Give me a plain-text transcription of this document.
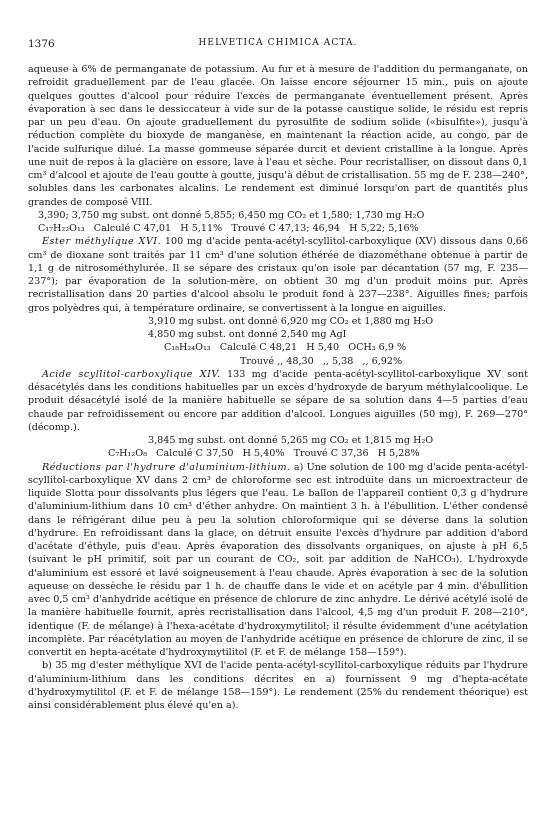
1376	HELVETICA CHIMICA ACTA.

aqueuse à 6% de permanganate de potassium. Au fur et à mesure de l'addition du permanganate, on refroidit graduellement par de l'eau glacée. On laisse encore séjourner 15 min., puis on ajoute quelques gouttes d'alcool pour réduire l'excès de permanganate éventuellement présent. Après évaporation à sec dans le dessiccateur à vide sur de la potasse caustique solide, le résidu est repris par un peu d'eau. On ajoute graduellement du pyrosulfite de sodium solide («bisulfite»), jusqu'à réduction complète du bioxyde de manganèse, en maintenant la réaction acide, au congo, par de l'acide sulfurique dilué. La masse gommeuse séparée durcit et devient cristalline à la longue. Après une nuit de repos à la glacière on essore, lave à l'eau et sèche. Pour recristalliser, on dissout dans 0,1 cm³ d'alcool et ajoute de l'eau goutte à goutte, jusqu'à début de cristallisation. 55 mg de F. 238—240°, solubles dans les carbonates alcalins. Le rendement est diminué lorsqu'on part de quantités plus grandes de composé VIII.

3,390; 3,750 mg subst. ont donné 5,855; 6,450 mg CO₂ et 1,580; 1,730 mg H₂O

C₁₇H₂₂O₁₃   Calculé C 47,01   H 5,11%   Trouvé C 47,13; 46,94   H 5,22; 5,16%

Ester méthylique XVI. 100 mg d'acide penta-acétyl-scyllitol-carboxylique (XV) dissous dans 0,66 cm³ de dioxane sont traités par 11 cm³ d'une solution éthérée de diazométhane obtenue à partir de 1,1 g de nitrosométhylurée. Il se sépare des cristaux qu'on isole par décantation (57 mg, F. 235—237°); par évaporation de la solution-mère, on obtient 30 mg d'un produit moins pur. Après recristallisation dans 20 parties d'alcool absolu le produit fond à 237—238°. Aiguilles fines; parfois gros polyèdres qui, à température ordinaire, se convertissent à la longue en aiguilles.

3,910 mg subst. ont donné 6,920 mg CO₂ et 1,880 mg H₂O

4,850 mg subst. ont donné 2,540 mg AgI

C₁₈H₂₄O₁₃   Calculé C 48,21   H 5,40   OCH₃ 6,9 %

Trouvé ,, 48,30   ,, 5,38   ,, 6,92%

Acide scyllitol-carboxylique XIV. 133 mg d'acide penta-acétyl-scyllitol-carboxylique XV sont désacétylés dans les conditions habituelles par un excès d'hydroxyde de baryum méthylalcoolique. Le produit désacétylé isolé de la manière habituelle se sépare de sa solution dans 4—5 parties d'eau chaude par refroidissement ou encore par addition d'alcool. Longues aiguilles (50 mg), F. 269—270° (décomp.).

3,845 mg subst. ont donné 5,265 mg CO₂ et 1,815 mg H₂O

C₇H₁₂O₈   Calculé C 37,50   H 5,40%   Trouvé C 37,36   H 5,28%

Réductions par l'hydrure d'aluminium-lithium. a) Une solution de 100 mg d'acide penta-acétyl-scyllitol-carboxylique XV dans 2 cm³ de chloroforme sec est introduite dans un microextracteur de liquide Slotta pour dissolvants plus légers que l'eau. Le ballon de l'appareil contient 0,3 g d'hydrure d'aluminium-lithium dans 10 cm³ d'éther anhydre. On maintient 3 h. à l'ébullition. L'éther condensé dans le réfrigérant dilue peu à peu la solution chloroformique qui se déverse dans la solution d'hydrure. En refroidissant dans la glace, on détruit ensuite l'excès d'hydrure par addition d'abord d'acétate d'éthyle, puis d'eau. Après évaporation des dissolvants organiques, on ajuste à pH 6,5 (suivant le pH primitif, soit par un courant de CO₂, soit par addition de NaHCO₃). L'hydroxyde d'aluminium est essoré et lavé soigneusement à l'eau chaude. Après évaporation à sec de la solution aqueuse on dessèche le résidu par 1 h. de chauffe dans le vide et on acétyle par 4 min. d'ébullition avec 0,5 cm³ d'anhydride acétique en présence de chlorure de zinc anhydre. Le dérivé acétylé isolé de la manière habituelle fournit, après recristallisation dans l'alcool, 4,5 mg d'un produit F. 208—210°, identique (F. de mélange) à l'hexa-acétate d'hydroxymytilitol; il résulte évidemment d'une acétylation incomplète. Par réacétylation au moyen de l'anhydride acétique en présence de chlorure de zinc, il se convertit en hepta-acétate d'hydroxymytilitol (F. et F. de mélange 158—159°).

b) 35 mg d'ester méthylique XVI de l'acide penta-acétyl-scyllitol-carboxylique réduits par l'hydrure d'aluminium-lithium dans les conditions décrites en a) fournissent 9 mg d'hepta-acétate d'hydroxymytilitol (F. et F. de mélange 158—159°). Le rendement (25% du rendement théorique) est ainsi considérablement plus élevé qu'en a).
